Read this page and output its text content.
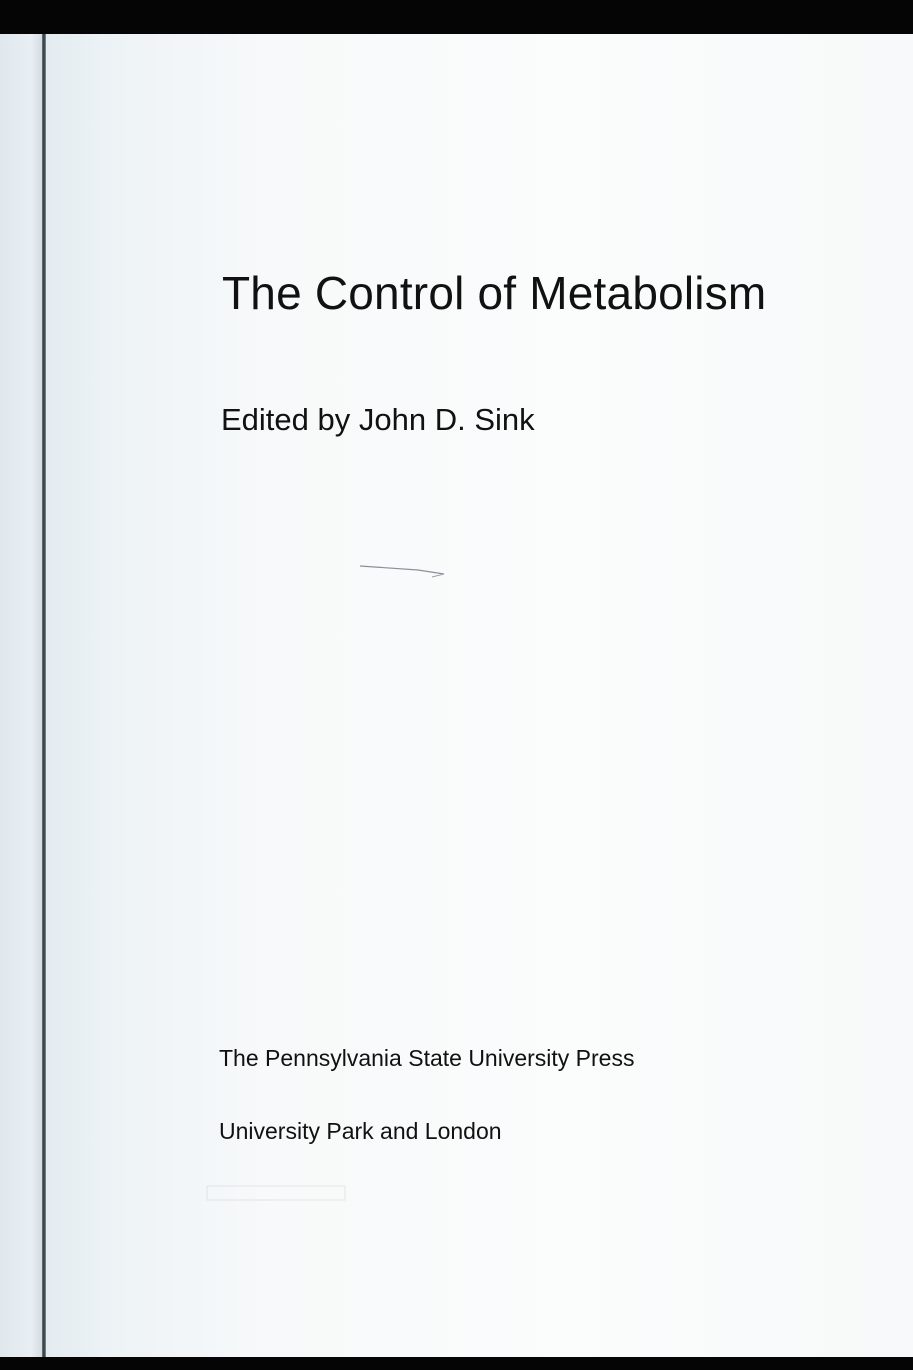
The Control of Metabolism

Edited by John D. Sink

The Pennsylvania State University Press

University Park and London
